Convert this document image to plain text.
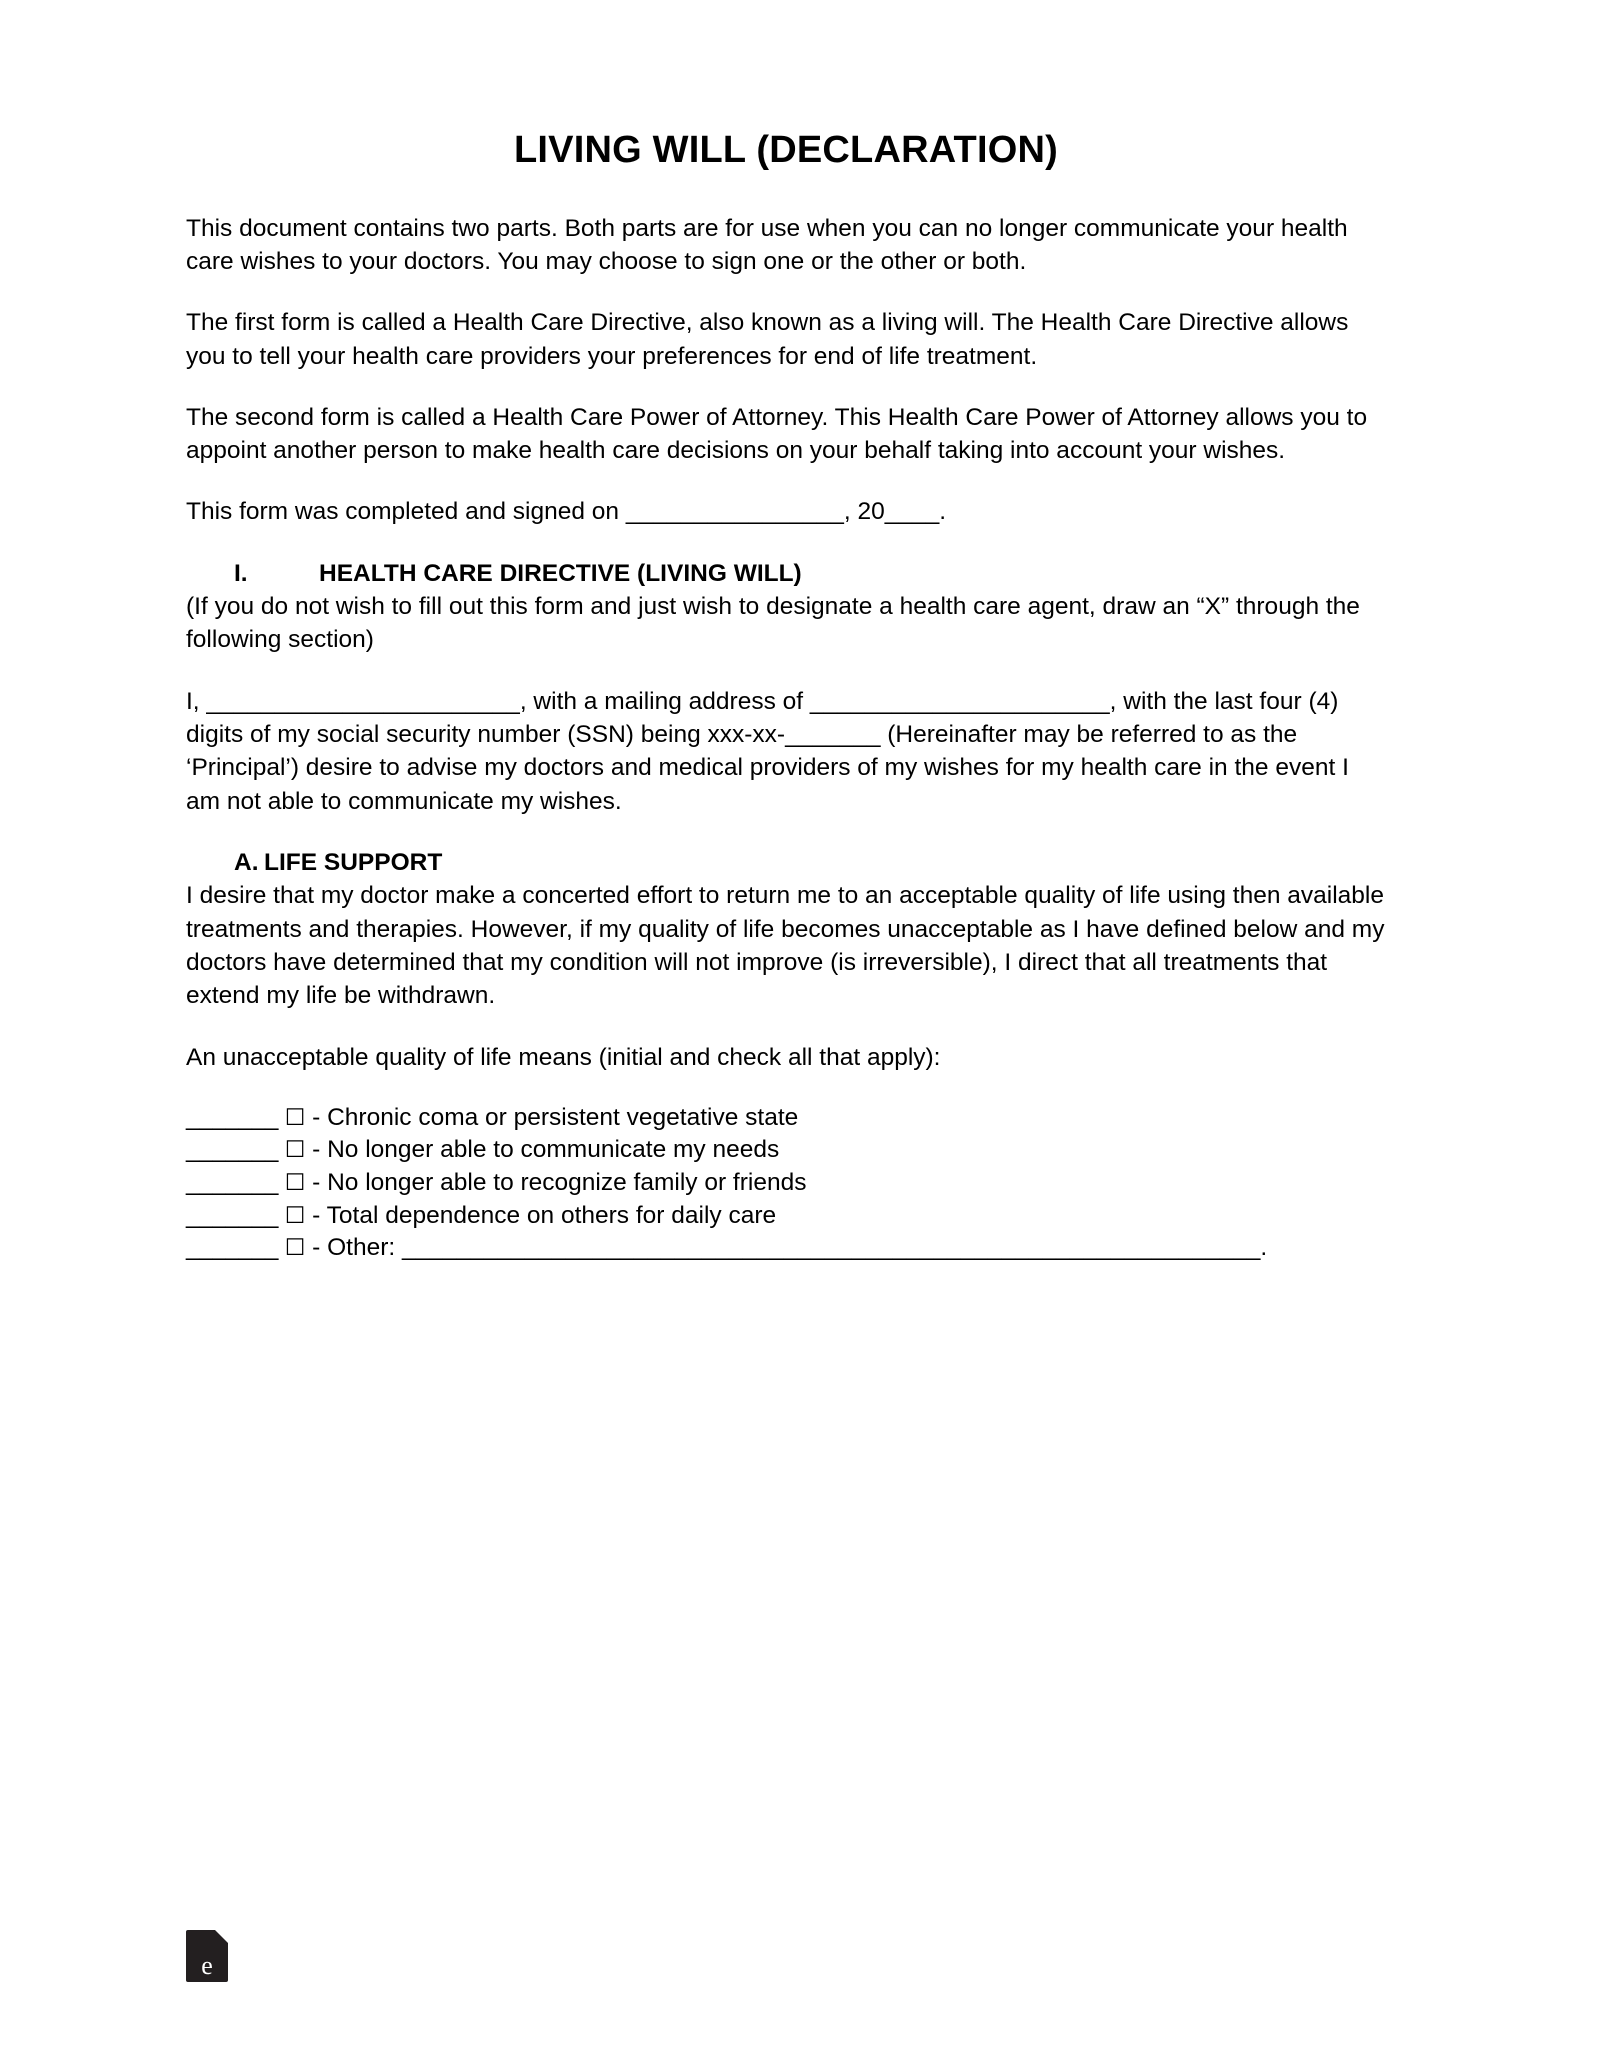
LIVING WILL (DECLARATION)

This document contains two parts. Both parts are for use when you can no longer communicate your health care wishes to your doctors. You may choose to sign one or the other or both.

The first form is called a Health Care Directive, also known as a living will. The Health Care Directive allows you to tell your health care providers your preferences for end of life treatment.

The second form is called a Health Care Power of Attorney. This Health Care Power of Attorney allows you to appoint another person to make health care decisions on your behalf taking into account your wishes.

This form was completed and signed on ________________, 20____.

I.	HEALTH CARE DIRECTIVE (LIVING WILL)

(If you do not wish to fill out this form and just wish to designate a health care agent, draw an “X” through the following section)

I, _______________________, with a mailing address of ______________________, with the last four (4) digits of my social security number (SSN) being xxx-xx-_______ (Hereinafter may be referred to as the ‘Principal’) desire to advise my doctors and medical providers of my wishes for my health care in the event I am not able to communicate my wishes.

A. LIFE SUPPORT

I desire that my doctor make a concerted effort to return me to an acceptable quality of life using then available treatments and therapies. However, if my quality of life becomes unacceptable as I have defined below and my doctors have determined that my condition will not improve (is irreversible), I direct that all treatments that extend my life be withdrawn.

An unacceptable quality of life means (initial and check all that apply):

_______ ☐ - Chronic coma or persistent vegetative state
_______ ☐ - No longer able to communicate my needs
_______ ☐ - No longer able to recognize family or friends
_______ ☐ - Total dependence on others for daily care
_______ ☐ - Other: _______________________________________________________________.
e
